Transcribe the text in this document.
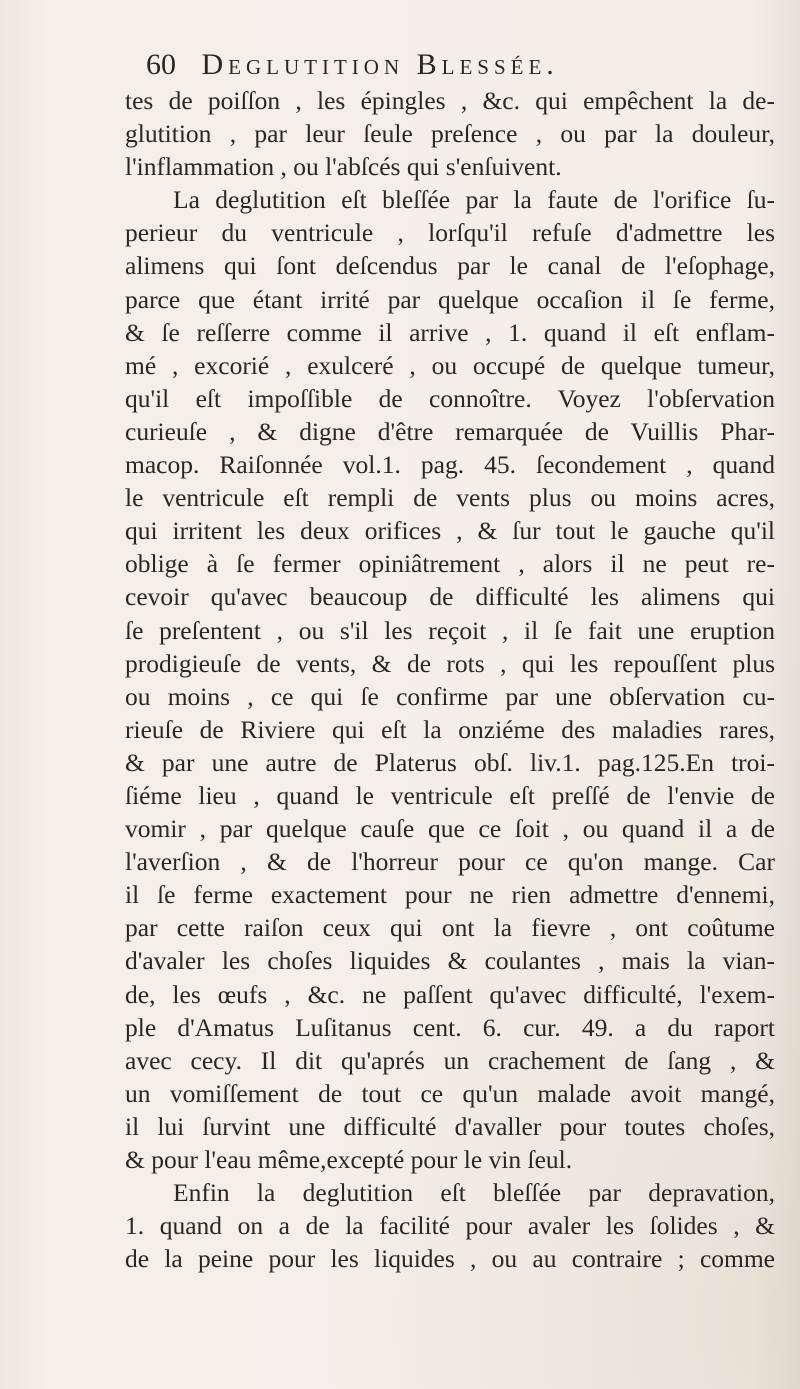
60 Deglutition Blessée.
tes de poiſſon , les épingles , &c. qui empêchent la de-
glutition , par leur ſeule preſence , ou par la douleur,
l'inflammation , ou l'abſcés qui s'enſuivent.
La deglutition eſt bleſſée par la faute de l'orifice ſu-
perieur du ventricule , lorſqu'il refuſe d'admettre les
alimens qui ſont deſcendus par le canal de l'eſophage,
parce que étant irrité par quelque occaſion il ſe ferme,
& ſe reſſerre comme il arrive , 1. quand il eſt enflam-
mé , excorié , exulceré , ou occupé de quelque tumeur,
qu'il eſt impoſſible de connoître. Voyez l'obſervation
curieuſe , & digne d'être remarquée de Vuillis Phar-
macop. Raiſonnée vol.1. pag. 45. ſecondement , quand
le ventricule eſt rempli de vents plus ou moins acres,
qui irritent les deux orifices , & ſur tout le gauche qu'il
oblige à ſe fermer opiniâtrement , alors il ne peut re-
cevoir qu'avec beaucoup de difficulté les alimens qui
ſe preſentent , ou s'il les reçoit , il ſe fait une eruption
prodigieuſe de vents, & de rots , qui les repouſſent plus
ou moins , ce qui ſe confirme par une obſervation cu-
rieuſe de Riviere qui eſt la onziéme des maladies rares,
& par une autre de Platerus obſ. liv.1. pag.125.En troi-
ſiéme lieu , quand le ventricule eſt preſſé de l'envie de
vomir , par quelque cauſe que ce ſoit , ou quand il a de
l'averſion , & de l'horreur pour ce qu'on mange. Car
il ſe ferme exactement pour ne rien admettre d'ennemi,
par cette raiſon ceux qui ont la fievre , ont coûtume
d'avaler les choſes liquides & coulantes , mais la vian-
de, les œufs , &c. ne paſſent qu'avec difficulté, l'exem-
ple d'Amatus Luſitanus cent. 6. cur. 49. a du raport
avec cecy. Il dit qu'aprés un crachement de ſang , &
un vomiſſement de tout ce qu'un malade avoit mangé,
il lui ſurvint une difficulté d'avaller pour toutes choſes,
& pour l'eau même,excepté pour le vin ſeul.
Enfin la deglutition eſt bleſſée par depravation,
1. quand on a de la facilité pour avaler les ſolides , &
de la peine pour les liquides , ou au contraire ; comme
